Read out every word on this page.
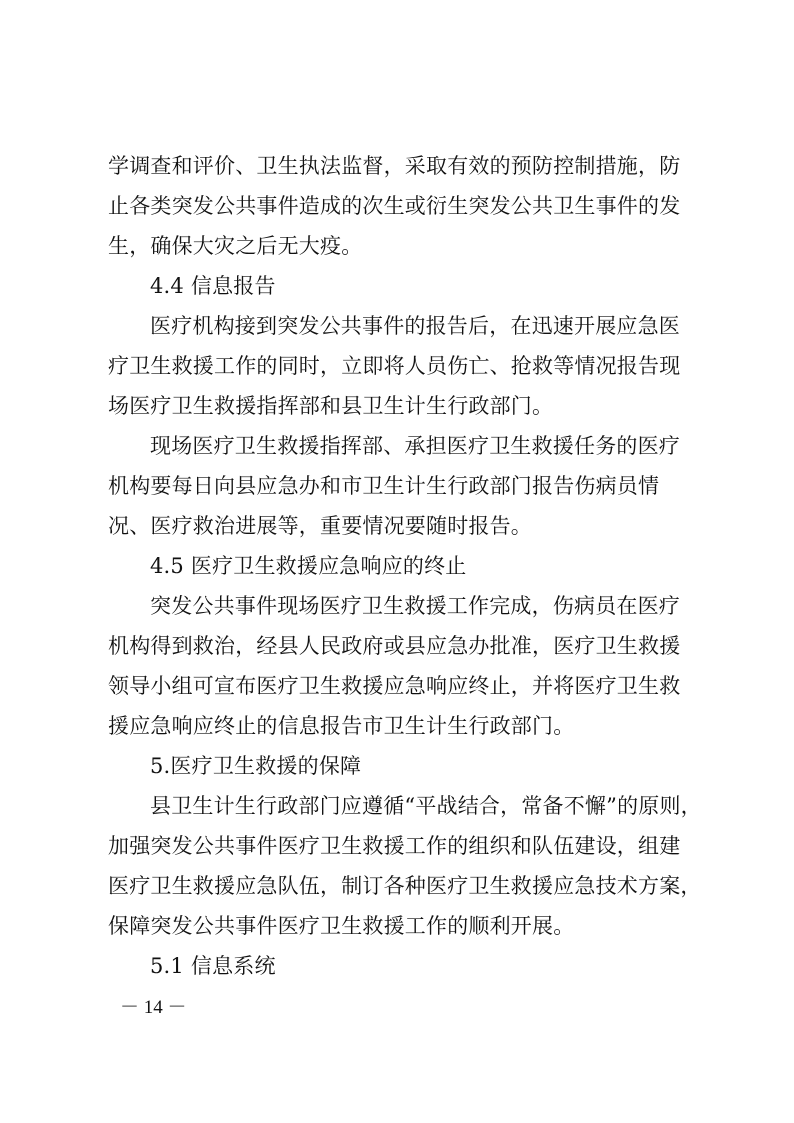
学调查和评价、卫生执法监督，采取有效的预防控制措施，防
止各类突发公共事件造成的次生或衍生突发公共卫生事件的发
生，确保大灾之后无大疫。
4.4 信息报告
医疗机构接到突发公共事件的报告后，在迅速开展应急医
疗卫生救援工作的同时，立即将人员伤亡、抢救等情况报告现
场医疗卫生救援指挥部和县卫生计生行政部门。
现场医疗卫生救援指挥部、承担医疗卫生救援任务的医疗
机构要每日向县应急办和市卫生计生行政部门报告伤病员情
况、医疗救治进展等，重要情况要随时报告。
4.5 医疗卫生救援应急响应的终止
突发公共事件现场医疗卫生救援工作完成，伤病员在医疗
机构得到救治，经县人民政府或县应急办批准，医疗卫生救援
领导小组可宣布医疗卫生救援应急响应终止，并将医疗卫生救
援应急响应终止的信息报告市卫生计生行政部门。
5.医疗卫生救援的保障
县卫生计生行政部门应遵循“平战结合，常备不懈”的原则，
加强突发公共事件医疗卫生救援工作的组织和队伍建设，组建
医疗卫生救援应急队伍，制订各种医疗卫生救援应急技术方案，
保障突发公共事件医疗卫生救援工作的顺利开展。
5.1 信息系统
－ 14 －
